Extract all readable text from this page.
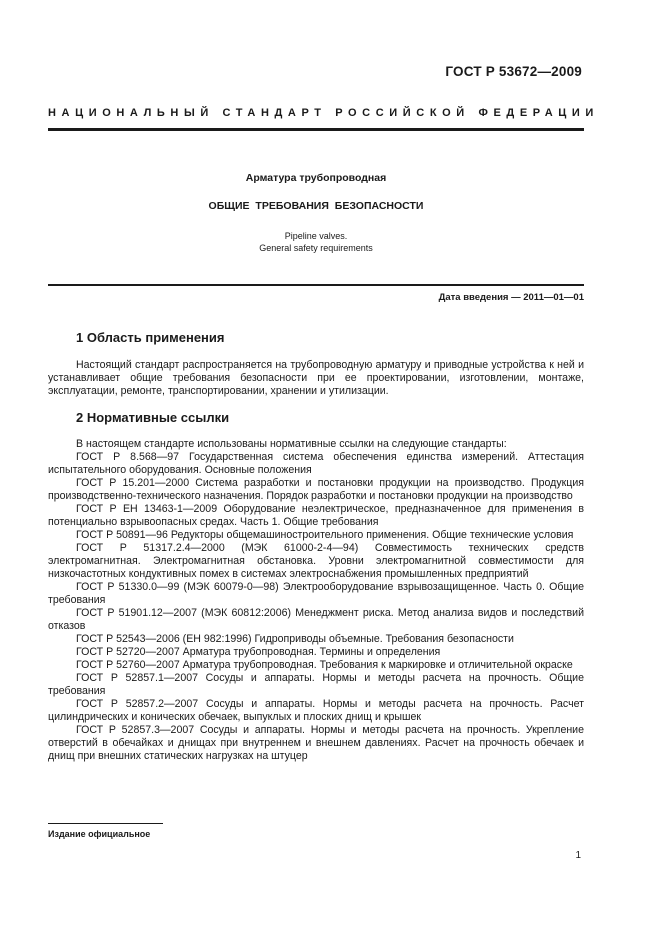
ГОСТ Р 53672—2009
НАЦИОНАЛЬНЫЙ СТАНДАРТ РОССИЙСКОЙ ФЕДЕРАЦИИ
Арматура трубопроводная
ОБЩИЕ ТРЕБОВАНИЯ БЕЗОПАСНОСТИ
Pipeline valves.
General safety requirements
Дата введения — 2011—01—01
1 Область применения

Настоящий стандарт распространяется на трубопроводную арматуру и приводные устройства к ней и устанавливает общие требования безопасности при ее проектировании, изготовлении, монтаже, эксплуатации, ремонте, транспортировании, хранении и утилизации.

2 Нормативные ссылки

В настоящем стандарте использованы нормативные ссылки на следующие стандарты:

ГОСТ Р 8.568—97 Государственная система обеспечения единства измерений. Аттестация испытательного оборудования. Основные положения

ГОСТ Р 15.201—2000 Система разработки и постановки продукции на производство. Продукция производственно-технического назначения. Порядок разработки и постановки продукции на производство

ГОСТ Р ЕН 13463-1—2009 Оборудование неэлектрическое, предназначенное для применения в потенциально взрывоопасных средах. Часть 1. Общие требования

ГОСТ Р 50891—96 Редукторы общемашиностроительного применения. Общие технические условия

ГОСТ Р 51317.2.4—2000 (МЭК 61000-2-4—94) Совместимость технических средств электромагнитная. Электромагнитная обстановка. Уровни электромагнитной совместимости для низкочастотных кондуктивных помех в системах электроснабжения промышленных предприятий

ГОСТ Р 51330.0—99 (МЭК 60079-0—98) Электрооборудование взрывозащищенное. Часть 0. Общие требования

ГОСТ Р 51901.12—2007 (МЭК 60812:2006) Менеджмент риска. Метод анализа видов и последствий отказов

ГОСТ Р 52543—2006 (ЕН 982:1996) Гидроприводы объемные. Требования безопасности

ГОСТ Р 52720—2007 Арматура трубопроводная. Термины и определения

ГОСТ Р 52760—2007 Арматура трубопроводная. Требования к маркировке и отличительной окраске

ГОСТ Р 52857.1—2007 Сосуды и аппараты. Нормы и методы расчета на прочность. Общие требования

ГОСТ Р 52857.2—2007 Сосуды и аппараты. Нормы и методы расчета на прочность. Расчет цилиндрических и конических обечаек, выпуклых и плоских днищ и крышек

ГОСТ Р 52857.3—2007 Сосуды и аппараты. Нормы и методы расчета на прочность. Укрепление отверстий в обечайках и днищах при внутреннем и внешнем давлениях. Расчет на прочность обечаек и днищ при внешних статических нагрузках на штуцер

Издание официальное
1
